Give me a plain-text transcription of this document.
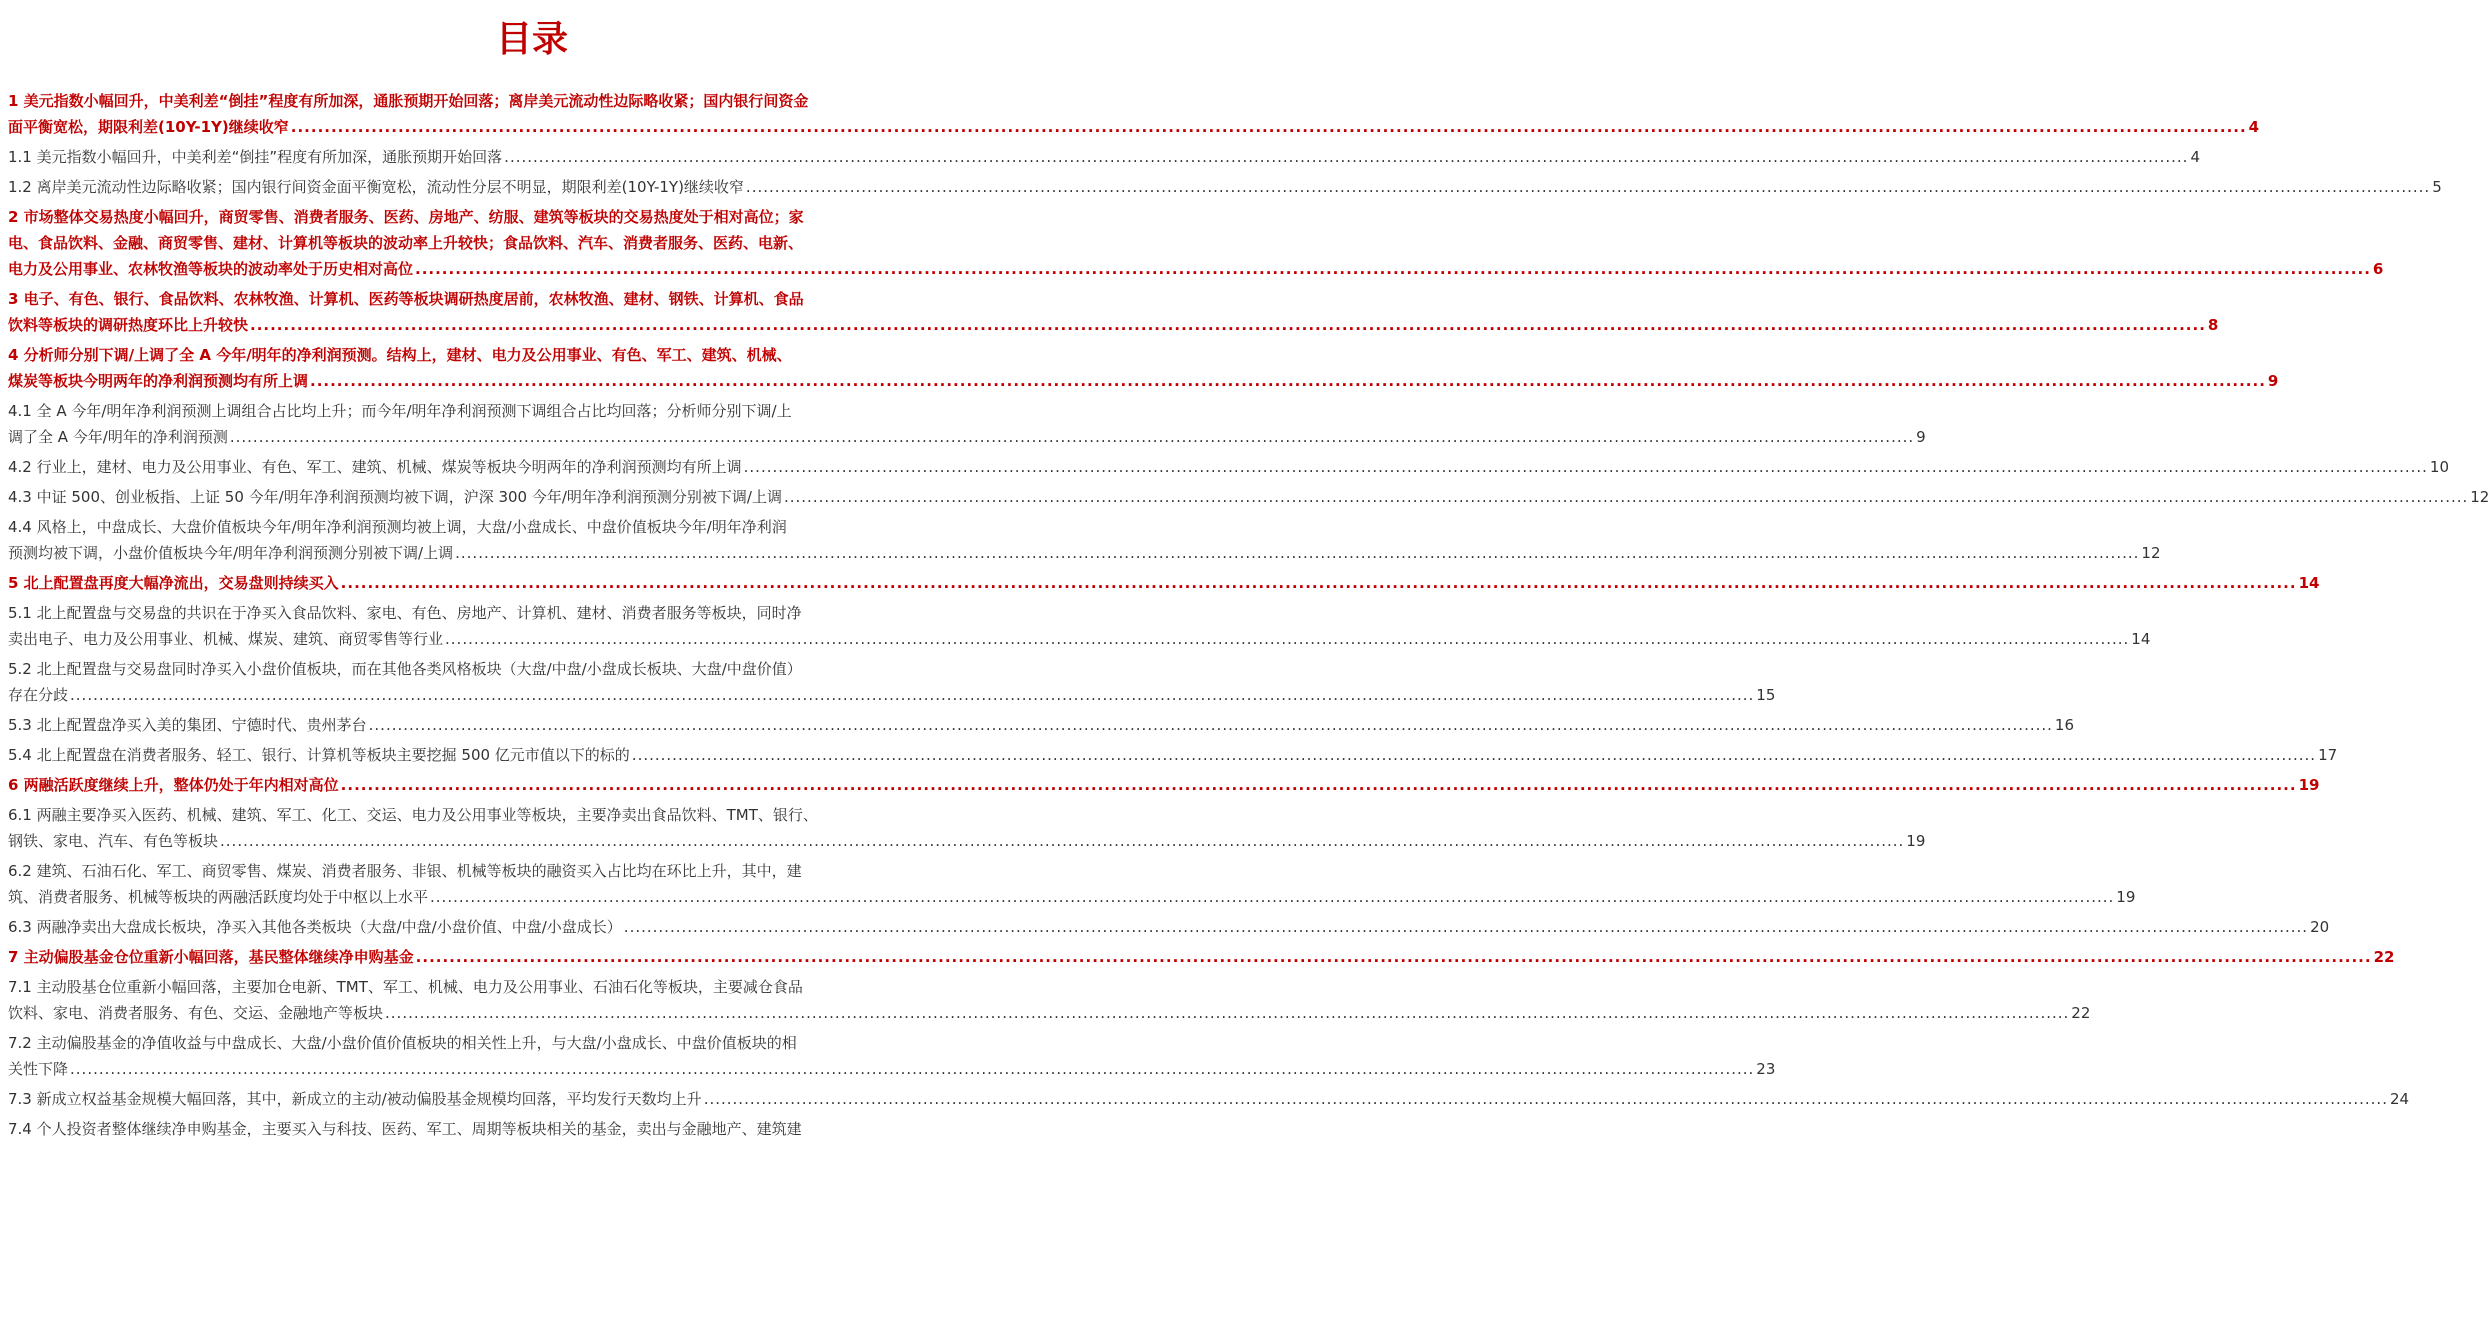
目录
1 美元指数小幅回升，中美利差“倒挂”程度有所加深，通胀预期开始回落；离岸美元流动性边际略收紧；国内银行间资金
面平衡宽松，期限利差(10Y-1Y)继续收窄 .....	4
1.1 美元指数小幅回升，中美利差“倒挂”程度有所加深，通胀预期开始回落 .....	4
1.2 离岸美元流动性边际略收紧；国内银行间资金面平衡宽松，流动性分层不明显，期限利差(10Y-1Y)继续收窄 .....	5
2 市场整体交易热度小幅回升，商贸零售、消费者服务、医药、房地产、纺服、建筑等板块的交易热度处于相对高位；家
电、食品饮料、金融、商贸零售、建材、计算机等板块的波动率上升较快；食品饮料、汽车、消费者服务、医药、电新、
电力及公用事业、农林牧渔等板块的波动率处于历史相对高位 .....	6
3 电子、有色、银行、食品饮料、农林牧渔、计算机、医药等板块调研热度居前，农林牧渔、建材、钢铁、计算机、食品
饮料等板块的调研热度环比上升较快 .....	8
4 分析师分别下调/上调了全 A 今年/明年的净利润预测。结构上，建材、电力及公用事业、有色、军工、建筑、机械、
煤炭等板块今明两年的净利润预测均有所上调 .....	9
4.1 全 A 今年/明年净利润预测上调组合占比均上升；而今年/明年净利润预测下调组合占比均回落；分析师分别下调/上
调了全 A 今年/明年的净利润预测 .....	9
4.2 行业上，建材、电力及公用事业、有色、军工、建筑、机械、煤炭等板块今明两年的净利润预测均有所上调 .....	10
4.3 中证 500、创业板指、上证 50 今年/明年净利润预测均被下调，沪深 300 今年/明年净利润预测分别被下调/上调 .....	12
4.4 风格上，中盘成长、大盘价值板块今年/明年净利润预测均被上调，大盘/小盘成长、中盘价值板块今年/明年净利润
预测均被下调，小盘价值板块今年/明年净利润预测分别被下调/上调 .....	12
5 北上配置盘再度大幅净流出，交易盘则持续买入 .....	14
5.1 北上配置盘与交易盘的共识在于净买入食品饮料、家电、有色、房地产、计算机、建材、消费者服务等板块，同时净
卖出电子、电力及公用事业、机械、煤炭、建筑、商贸零售等行业 .....	14
5.2 北上配置盘与交易盘同时净买入小盘价值板块，而在其他各类风格板块（大盘/中盘/小盘成长板块、大盘/中盘价值）
存在分歧 .....	15
5.3 北上配置盘净买入美的集团、宁德时代、贵州茅台 .....	16
5.4 北上配置盘在消费者服务、轻工、银行、计算机等板块主要挖掘 500 亿元市值以下的标的 .....	17
6 两融活跃度继续上升，整体仍处于年内相对高位 .....	19
6.1 两融主要净买入医药、机械、建筑、军工、化工、交运、电力及公用事业等板块，主要净卖出食品饮料、TMT、银行、
钢铁、家电、汽车、有色等板块 .....	19
6.2 建筑、石油石化、军工、商贸零售、煤炭、消费者服务、非银、机械等板块的融资买入占比均在环比上升，其中，建
筑、消费者服务、机械等板块的两融活跃度均处于中枢以上水平 .....	19
6.3 两融净卖出大盘成长板块，净买入其他各类板块（大盘/中盘/小盘价值、中盘/小盘成长） .....	20
7 主动偏股基金仓位重新小幅回落，基民整体继续净申购基金 .....	22
7.1 主动股基仓位重新小幅回落，主要加仓电新、TMT、军工、机械、电力及公用事业、石油石化等板块，主要减仓食品
饮料、家电、消费者服务、有色、交运、金融地产等板块 .....	22
7.2 主动偏股基金的净值收益与中盘成长、大盘/小盘价值价值板块的相关性上升，与大盘/小盘成长、中盘价值板块的相
关性下降 .....	23
7.3 新成立权益基金规模大幅回落，其中，新成立的主动/被动偏股基金规模均回落，平均发行天数均上升 .....	24
7.4 个人投资者整体继续净申购基金，主要买入与科技、医药、军工、周期等板块相关的基金，卖出与金融地产、建筑建
